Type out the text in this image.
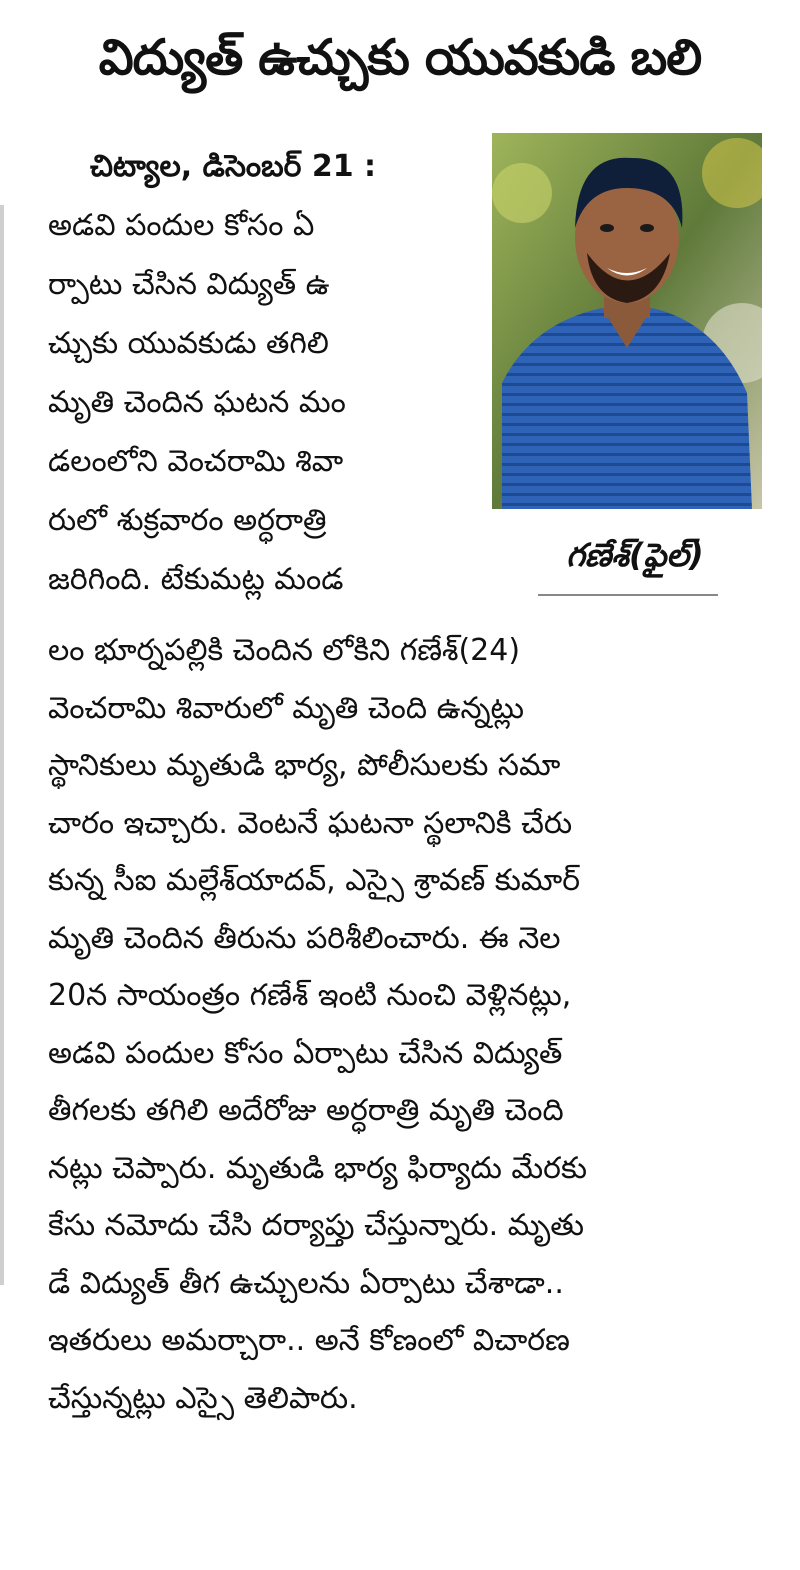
విద్యుత్ ఉచ్చుకు యువకుడి బలి
చిట్యాల, డిసెంబర్ 21 :
అడవి పందుల కోసం ఏ
ర్పాటు చేసిన విద్యుత్ ఉ
చ్చుకు యువకుడు తగిలి
మృతి చెందిన ఘటన మం
డలంలోని వెంచరామి శివా
రులో శుక్రవారం అర్ధరాత్రి
జరిగింది. టేకుమట్ల మండ
గణేశ్(ఫైల్)
లం భూర్నపల్లికి చెందిన లోకిని గణేశ్(24)
వెంచరామి శివారులో మృతి చెంది ఉన్నట్లు
స్థానికులు మృతుడి భార్య, పోలీసులకు సమా
చారం ఇచ్చారు. వెంటనే ఘటనా స్థలానికి చేరు
కున్న సీఐ మల్లేశ్‌యాదవ్, ఎస్సై శ్రావణ్ కుమార్
మృతి చెందిన తీరును పరిశీలించారు. ఈ నెల
20న సాయంత్రం గణేశ్ ఇంటి నుంచి వెళ్లినట్లు,
అడవి పందుల కోసం ఏర్పాటు చేసిన విద్యుత్
తీగలకు తగిలి అదేరోజు అర్ధరాత్రి మృతి చెంది
నట్లు చెప్పారు. మృతుడి భార్య ఫిర్యాదు మేరకు
కేసు నమోదు చేసి దర్యాప్తు చేస్తున్నారు. మృతు
డే విద్యుత్ తీగ ఉచ్చులను ఏర్పాటు చేశాడా..
ఇతరులు అమర్చారా.. అనే కోణంలో విచారణ
చేస్తున్నట్లు ఎస్సై తెలిపారు.
